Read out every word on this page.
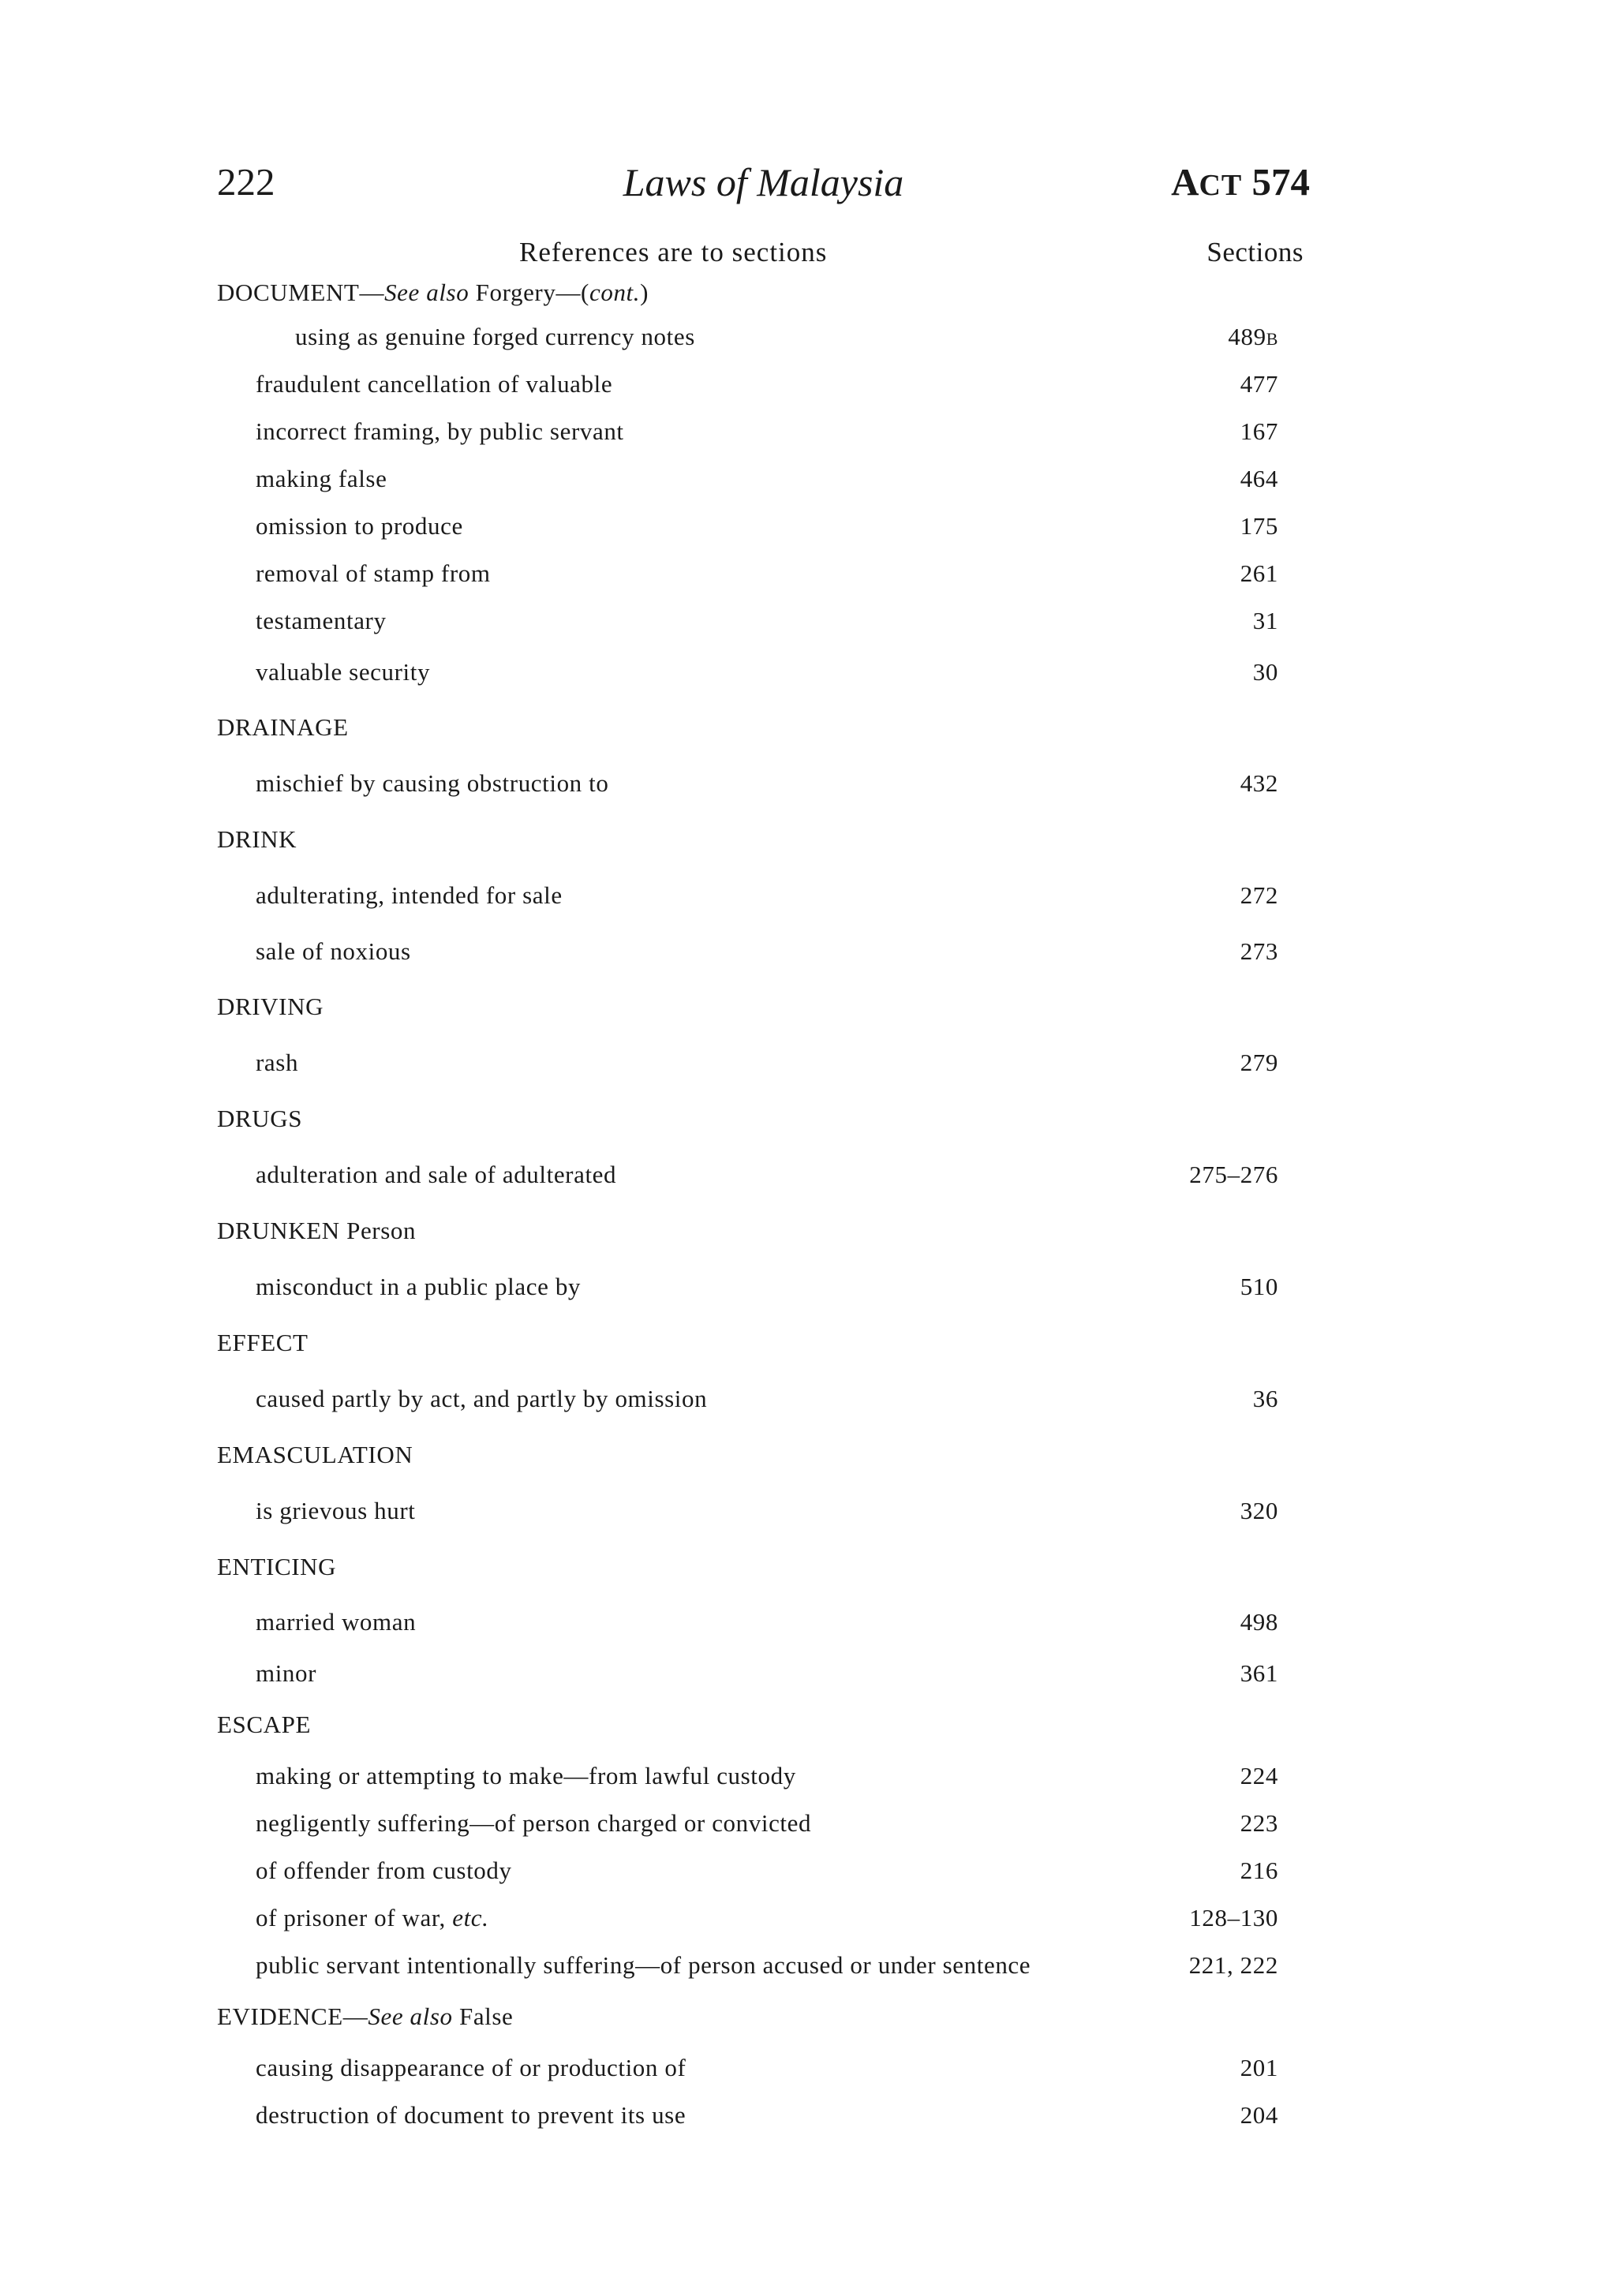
222	Laws of Malaysia	ACT 574
References are to sections	Sections
DOCUMENT—See also Forgery—(cont.)
using as genuine forged currency notes	489B
fraudulent cancellation of valuable	477
incorrect framing, by public servant	167
making false	464
omission to produce	175
removal of stamp from	261
testamentary	31
valuable security	30
DRAINAGE
mischief by causing obstruction to	432
DRINK
adulterating, intended for sale	272
sale of noxious	273
DRIVING
rash	279
DRUGS
adulteration and sale of adulterated	275–276
DRUNKEN Person
misconduct in a public place by	510
EFFECT
caused partly by act, and partly by omission	36
EMASCULATION
is grievous hurt	320
ENTICING
married woman	498
minor	361
ESCAPE
making or attempting to make—from lawful custody	224
negligently suffering—of person charged or convicted	223
of offender from custody	216
of prisoner of war, etc.	128–130
public servant intentionally suffering—of person accused or under sentence	221, 222
EVIDENCE—See also False
causing disappearance of or production of	201
destruction of document to prevent its use	204
